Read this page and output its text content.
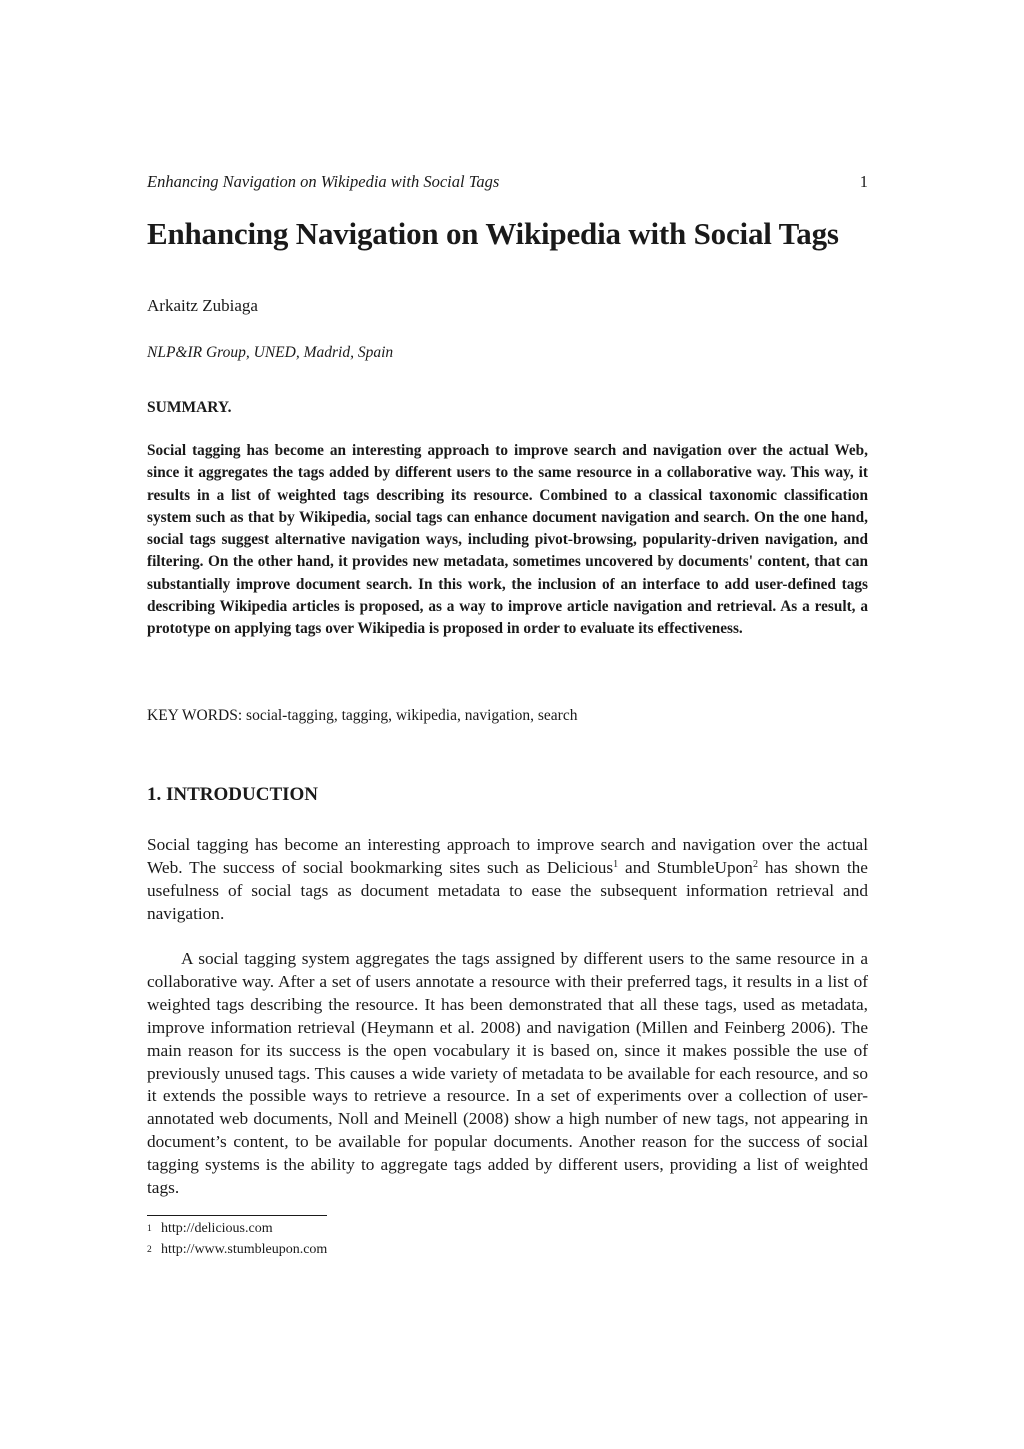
Enhancing Navigation on Wikipedia with Social Tags	1
Enhancing Navigation on Wikipedia with Social Tags
Arkaitz Zubiaga
NLP&IR Group, UNED, Madrid, Spain
SUMMARY.

Social tagging has become an interesting approach to improve search and navigation over the actual Web, since it aggregates the tags added by different users to the same resource in a collaborative way. This way, it results in a list of weighted tags describing its resource. Combined to a classical taxonomic classification system such as that by Wikipedia, social tags can enhance document navigation and search. On the one hand, social tags suggest alternative navigation ways, including pivot-browsing, popularity-driven navigation, and filtering. On the other hand, it provides new metadata, sometimes uncovered by documents' content, that can substantially improve document search. In this work, the inclusion of an interface to add user-defined tags describing Wikipedia articles is proposed, as a way to improve article navigation and retrieval. As a result, a prototype on applying tags over Wikipedia is proposed in order to evaluate its effectiveness.

KEY WORDS: social-tagging, tagging, wikipedia, navigation, search
1. INTRODUCTION

Social tagging has become an interesting approach to improve search and navigation over the actual Web. The success of social bookmarking sites such as Delicious$^1$ and StumbleUpon$^2$ has shown the usefulness of social tags as document metadata to ease the subsequent information retrieval and navigation.

A social tagging system aggregates the tags assigned by different users to the same resource in a collaborative way. After a set of users annotate a resource with their preferred tags, it results in a list of weighted tags describing the resource. It has been demonstrated that all these tags, used as metadata, improve information retrieval (Heymann et al. 2008) and navigation (Millen and Feinberg 2006). The main reason for its success is the open vocabulary it is based on, since it makes possible the use of previously unused tags. This causes a wide variety of metadata to be available for each resource, and so it extends the possible ways to retrieve a resource. In a set of experiments over a collection of user-annotated web documents, Noll and Meinell (2008) show a high number of new tags, not appearing in document’s content, to be available for popular documents. Another reason for the success of social tagging systems is the ability to aggregate tags added by different users, providing a list of weighted tags.

1 http://delicious.com
2 http://www.stumbleupon.com
